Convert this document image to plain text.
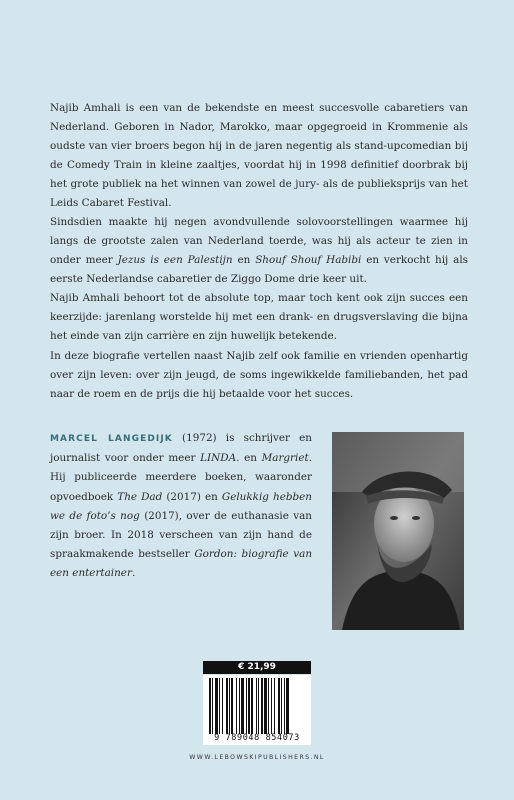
Najib Amhali is een van de bekendste en meest succesvolle cabaretiers van Nederland. Geboren in Nador, Marokko, maar opgegroeid in Krommenie als oudste van vier broers begon hij in de jaren negentig als stand-upcomedian bij de Comedy Train in kleine zaaltjes, voordat hij in 1998 definitief doorbrak bij het grote publiek na het winnen van zowel de jury- als de publieksprijs van het Leids Cabaret Festival.

Sindsdien maakte hij negen avondvullende solovoorstellingen waarmee hij langs de grootste zalen van Nederland toerde, was hij als acteur te zien in onder meer Jezus is een Palestijn en Shouf Shouf Habibi en verkocht hij als eerste Nederlandse cabaretier de Ziggo Dome drie keer uit.

Najib Amhali behoort tot de absolute top, maar toch kent ook zijn succes een keerzijde: jarenlang worstelde hij met een drank- en drugsverslaving die bijna het einde van zijn carrière en zijn huwelijk betekende.

In deze biografie vertellen naast Najib zelf ook familie en vrienden openhartig over zijn leven: over zijn jeugd, de soms ingewikkelde familiebanden, het pad naar de roem en de prijs die hij betaalde voor het succes.

MARCEL LANGEDIJK (1972) is schrijver en journalist voor onder meer LINDA. en Margriet. Hij publiceerde meerdere boeken, waaronder opvoedboek The Dad (2017) en Gelukkig hebben we de foto’s nog (2017), over de euthanasie van zijn broer. In 2018 verscheen van zijn hand de spraakmakende bestseller Gordon: biografie van een entertainer.

€ 21,99
9 789048 854073
WWW.LEBOWSKIPUBLISHERS.NL
